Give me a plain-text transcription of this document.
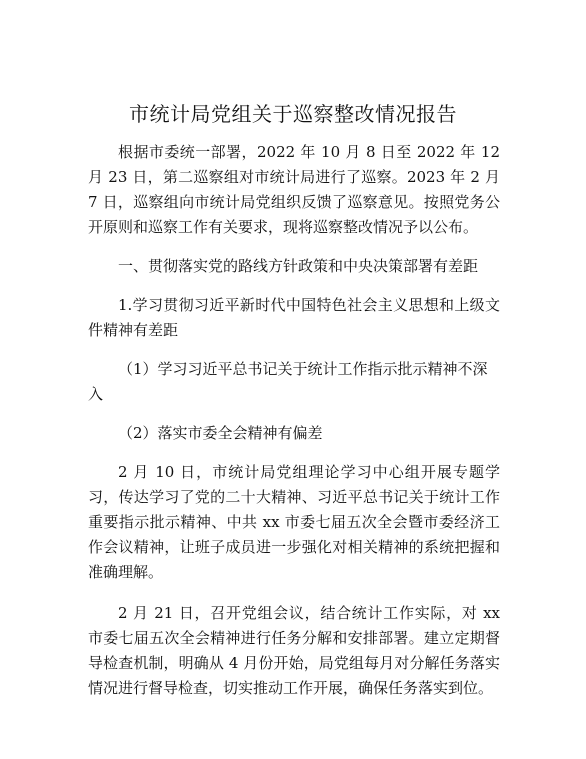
市统计局党组关于巡察整改情况报告

根据市委统一部署，2022 年 10 月 8 日至 2022 年 12 月 23 日，第二巡察组对市统计局进行了巡察。2023 年 2 月 7 日，巡察组向市统计局党组织反馈了巡察意见。按照党务公开原则和巡察工作有关要求，现将巡察整改情况予以公布。

一、贯彻落实党的路线方针政策和中央决策部署有差距

1.学习贯彻习近平新时代中国特色社会主义思想和上级文件精神有差距

（1）学习习近平总书记关于统计工作指示批示精神不深入

（2）落实市委全会精神有偏差

2 月 10 日，市统计局党组理论学习中心组开展专题学习，传达学习了党的二十大精神、习近平总书记关于统计工作重要指示批示精神、中共 xx 市委七届五次全会暨市委经济工作会议精神，让班子成员进一步强化对相关精神的系统把握和准确理解。

2 月 21 日，召开党组会议，结合统计工作实际，对 xx 市委七届五次全会精神进行任务分解和安排部署。建立定期督导检查机制，明确从 4 月份开始，局党组每月对分解任务落实情况进行督导检查，切实推动工作开展，确保任务落实到位。
